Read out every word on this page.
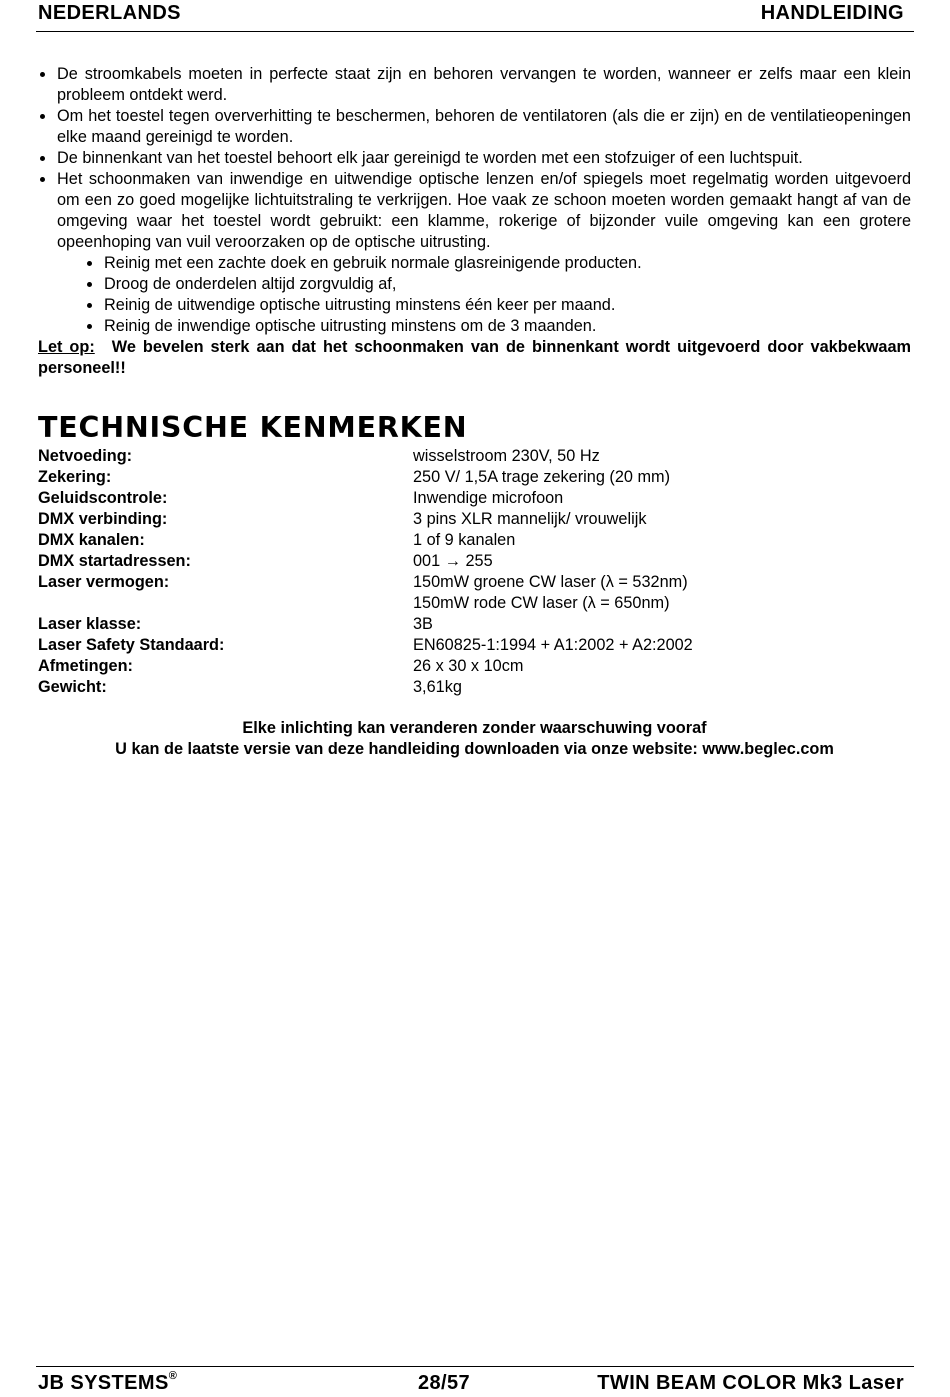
NEDERLANDS	HANDLEIDING
De stroomkabels moeten in perfecte staat zijn en behoren vervangen te worden, wanneer er zelfs maar een klein probleem ontdekt werd.
Om het toestel tegen oververhitting te beschermen, behoren de ventilatoren (als die er zijn) en de ventilatieopeningen elke maand gereinigd te worden.
De binnenkant van het toestel behoort elk jaar gereinigd te worden met een stofzuiger of een luchtspuit.
Het schoonmaken van inwendige en uitwendige optische lenzen en/of spiegels moet regelmatig worden uitgevoerd om een zo goed mogelijke lichtuitstraling te verkrijgen. Hoe vaak ze schoon moeten worden gemaakt hangt af van de omgeving waar het toestel wordt gebruikt: een klamme, rokerige of bijzonder vuile omgeving kan een grotere opeenhoping van vuil veroorzaken op de optische uitrusting.
Reinig met een zachte doek en gebruik normale glasreinigende producten.
Droog de onderdelen altijd zorgvuldig af,
Reinig de uitwendige optische uitrusting minstens één keer per maand.
Reinig de inwendige optische uitrusting minstens om de 3 maanden.
Let op: We bevelen sterk aan dat het schoonmaken van de binnenkant wordt uitgevoerd door vakbekwaam personeel!!
TECHNISCHE KENMERKEN
Netvoeding:	wisselstroom 230V, 50 Hz
Zekering:	250 V/ 1,5A trage zekering (20 mm)
Geluidscontrole:	Inwendige microfoon
DMX verbinding:	3 pins XLR mannelijk/ vrouwelijk
DMX kanalen:	1 of 9 kanalen
DMX startadressen:	001 → 255
Laser vermogen:	150mW groene CW laser (λ = 532nm)
	150mW rode CW laser (λ = 650nm)
Laser klasse:	3B
Laser Safety Standaard:	EN60825-1:1994 + A1:2002 + A2:2002
Afmetingen:	26 x 30 x 10cm
Gewicht:	3,61kg
Elke inlichting kan veranderen zonder waarschuwing vooraf
U kan de laatste versie van deze handleiding downloaden via onze website: www.beglec.com
JB SYSTEMS®	28/57	TWIN BEAM COLOR Mk3 Laser
